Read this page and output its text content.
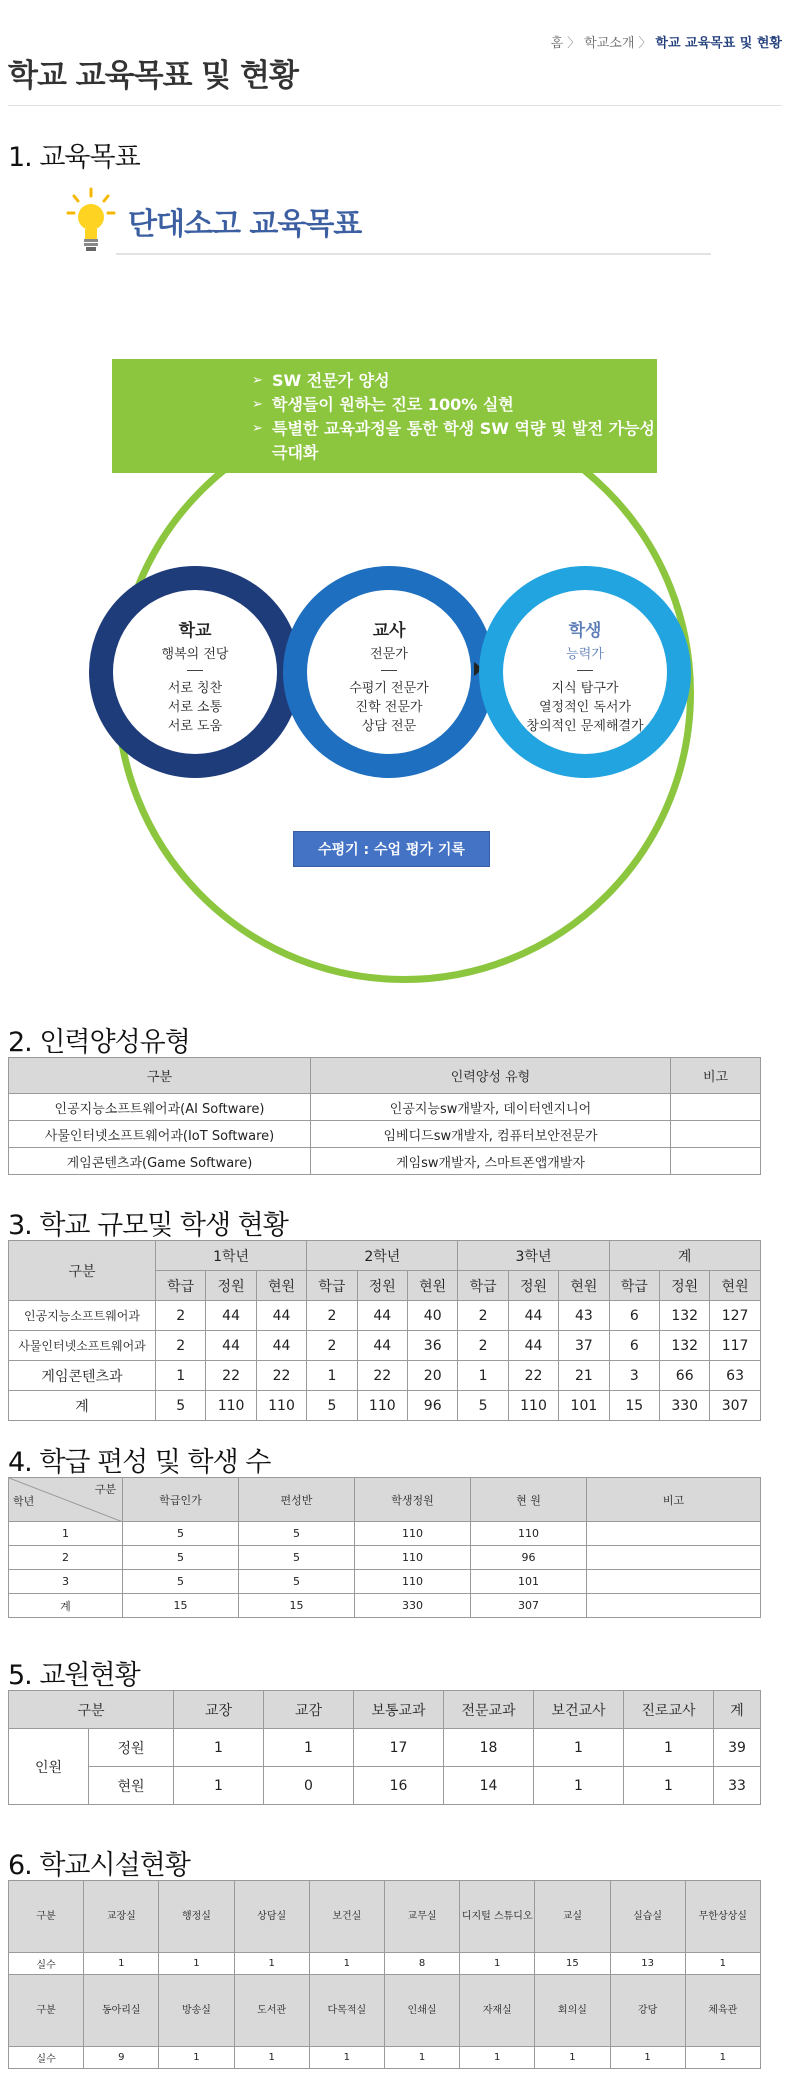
홈 〉 학교소개 〉 학교 교육목표 및 현황
학교 교육목표 및 현황
1. 교육목표
단대소고 교육목표
➢ SW 전문가 양성
➢ 학생들이 원하는 진로 100% 실현
➢ 특별한 교육과정을 통한 학생 SW 역량 및 발전 가능성 극대화
학교
행복의 전당
서로 칭찬
서로 소통
서로 도움
교사
전문가
수평기 전문가
진학 전문가
상담 전문
학생
능력가
지식 탐구가
열정적인 독서가
창의적인 문제해결가
수평기 : 수업 평가 기록
2. 인력양성유형
구분	인력양성 유형	비고
인공지능소프트웨어과(AI Software)	인공지능sw개발자, 데이터엔지니어	
사물인터넷소프트웨어과(IoT Software)	임베디드sw개발자, 컴퓨터보안전문가	
게임콘텐츠과(Game Software)	게임sw개발자, 스마트폰앱개발자	
3. 학교 규모및 학생 현황
구분	1학년			2학년			3학년			계		
	학급	정원	현원	학급	정원	현원	학급	정원	현원	학급	정원	현원
인공지능소프트웨어과	2	44	44	2	44	40	2	44	43	6	132	127
사물인터넷소프트웨어과	2	44	44	2	44	36	2	44	37	6	132	117
게임콘텐츠과	1	22	22	1	22	20	1	22	21	3	66	63
계	5	110	110	5	110	96	5	110	101	15	330	307
4. 학급 편성 및 학생 수
구분
학년	학급인가	편성반	학생정원	현 원	비고
1	5	5	110	110	
2	5	5	110	96	
3	5	5	110	101	
계	15	15	330	307	
5. 교원현황
구분		교장	교감	보통교과	전문교과	보건교사	진로교사	계
인원	정원	1	1	17	18	1	1	39
	현원	1	0	16	14	1	1	33
6. 학교시설현황
구분	교장실	행정실	상담실	보건실	교무실	디지털 스튜디오	교실	실습실	무한상상실
실수	1	1	1	1	8	1	15	13	1
구분	동아리실	방송실	도서관	다목적실	인쇄실	자재실	회의실	강당	체육관
실수	9	1	1	1	1	1	1	1	1
